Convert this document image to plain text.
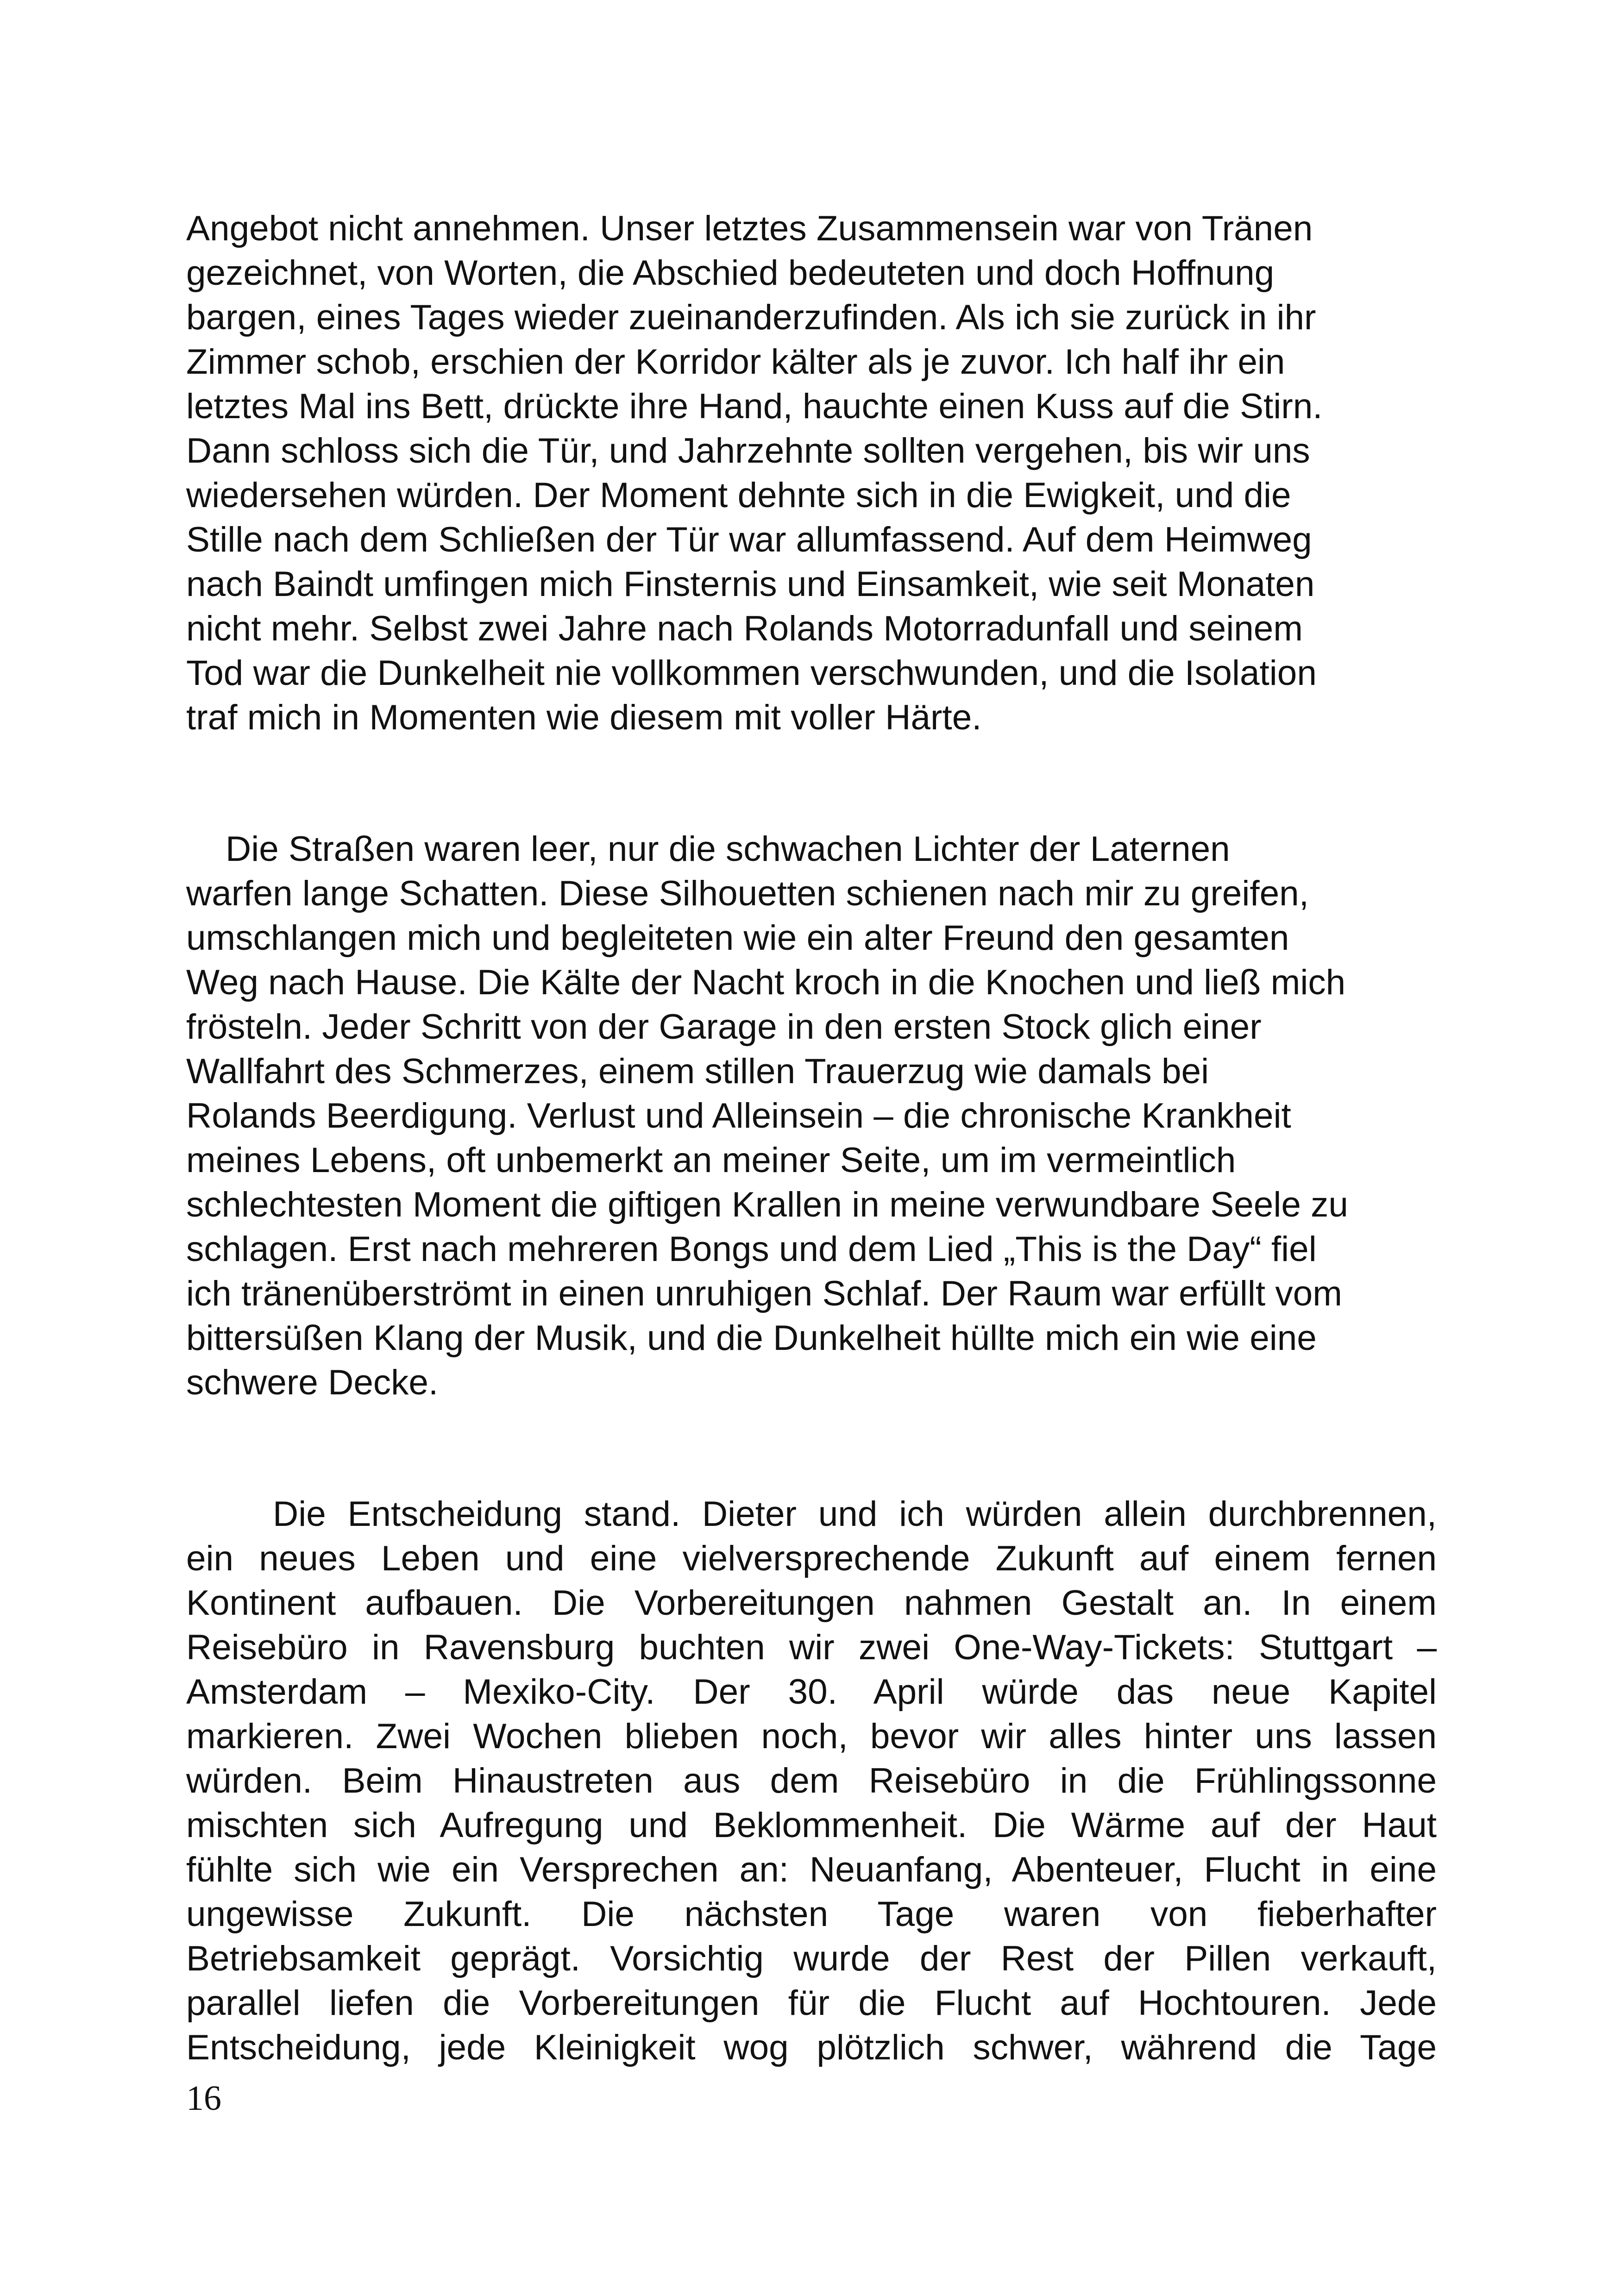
Angebot nicht annehmen. Unser letztes Zusammensein war von Tränen

gezeichnet, von Worten, die Abschied bedeuteten und doch Hoffnung

bargen, eines Tages wieder zueinanderzufinden. Als ich sie zurück in ihr

Zimmer schob, erschien der Korridor kälter als je zuvor. Ich half ihr ein

letztes Mal ins Bett, drückte ihre Hand, hauchte einen Kuss auf die Stirn.

Dann schloss sich die Tür, und Jahrzehnte sollten vergehen, bis wir uns

wiedersehen würden. Der Moment dehnte sich in die Ewigkeit, und die

Stille nach dem Schließen der Tür war allumfassend. Auf dem Heimweg

nach Baindt umfingen mich Finsternis und Einsamkeit, wie seit Monaten

nicht mehr. Selbst zwei Jahre nach Rolands Motorradunfall und seinem

Tod war die Dunkelheit nie vollkommen verschwunden, und die Isolation

traf mich in Momenten wie diesem mit voller Härte.

Die Straßen waren leer, nur die schwachen Lichter der Laternen

warfen lange Schatten. Diese Silhouetten schienen nach mir zu greifen,

umschlangen mich und begleiteten wie ein alter Freund den gesamten

Weg nach Hause. Die Kälte der Nacht kroch in die Knochen und ließ mich

frösteln. Jeder Schritt von der Garage in den ersten Stock glich einer

Wallfahrt des Schmerzes, einem stillen Trauerzug wie damals bei

Rolands Beerdigung. Verlust und Alleinsein – die chronische Krankheit

meines Lebens, oft unbemerkt an meiner Seite, um im vermeintlich

schlechtesten Moment die giftigen Krallen in meine verwundbare Seele zu

schlagen. Erst nach mehreren Bongs und dem Lied „This is the Day“ fiel

ich tränenüberströmt in einen unruhigen Schlaf. Der Raum war erfüllt vom

bittersüßen Klang der Musik, und die Dunkelheit hüllte mich ein wie eine

schwere Decke.

Die Entscheidung stand. Dieter und ich würden allein durchbrennen,

ein neues Leben und eine vielversprechende Zukunft auf einem fernen

Kontinent aufbauen. Die Vorbereitungen nahmen Gestalt an. In einem

Reisebüro in Ravensburg buchten wir zwei One-Way-Tickets: Stuttgart –

Amsterdam – Mexiko-City. Der 30. April würde das neue Kapitel

markieren. Zwei Wochen blieben noch, bevor wir alles hinter uns lassen

würden. Beim Hinaustreten aus dem Reisebüro in die Frühlingssonne

mischten sich Aufregung und Beklommenheit. Die Wärme auf der Haut

fühlte sich wie ein Versprechen an: Neuanfang, Abenteuer, Flucht in eine

ungewisse Zukunft. Die nächsten Tage waren von fieberhafter

Betriebsamkeit geprägt. Vorsichtig wurde der Rest der Pillen verkauft,

parallel liefen die Vorbereitungen für die Flucht auf Hochtouren. Jede

Entscheidung, jede Kleinigkeit wog plötzlich schwer, während die Tage

16
